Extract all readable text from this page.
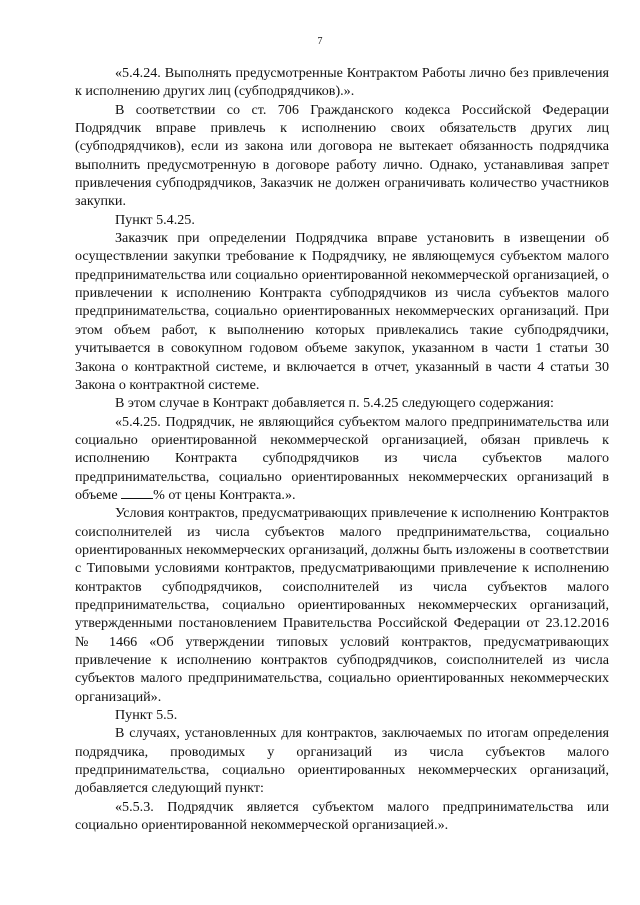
7

«5.4.24. Выполнять предусмотренные Контрактом Работы лично без привлечения к исполнению других лиц (субподрядчиков).».

В соответствии со ст. 706 Гражданского кодекса Российской Федерации Подрядчик вправе привлечь к исполнению своих обязательств других лиц (субподрядчиков), если из закона или договора не вытекает обязанность подрядчика выполнить предусмотренную в договоре работу лично. Однако, устанавливая запрет привлечения субподрядчиков, Заказчик не должен ограничивать количество участников закупки.

Пункт 5.4.25.

Заказчик при определении Подрядчика вправе установить в извещении об осуществлении закупки требование к Подрядчику, не являющемуся субъектом малого предпринимательства или социально ориентированной некоммерческой организацией, о привлечении к исполнению Контракта субподрядчиков из числа субъектов малого предпринимательства, социально ориентированных некоммерческих организаций. При этом объем работ, к выполнению которых привлекались такие субподрядчики, учитывается в совокупном годовом объеме закупок, указанном в части 1 статьи 30 Закона о контрактной системе, и включается в отчет, указанный в части 4 статьи 30 Закона о контрактной системе.

В этом случае в Контракт добавляется п. 5.4.25 следующего содержания:

«5.4.25. Подрядчик, не являющийся субъектом малого предпринимательства или социально ориентированной некоммерческой организацией, обязан привлечь к исполнению Контракта субподрядчиков из числа субъектов малого предпринимательства, социально ориентированных некоммерческих организаций в объеме % от цены Контракта.».

Условия контрактов, предусматривающих привлечение к исполнению Контрактов соисполнителей из числа субъектов малого предпринимательства, социально ориентированных некоммерческих организаций, должны быть изложены в соответствии с Типовыми условиями контрактов, предусматривающими привлечение к исполнению контрактов субподрядчиков, соисполнителей из числа субъектов малого предпринимательства, социально ориентированных некоммерческих организаций, утвержденными постановлением Правительства Российской Федерации от 23.12.2016 № 1466 «Об утверждении типовых условий контрактов, предусматривающих привлечение к исполнению контрактов субподрядчиков, соисполнителей из числа субъектов малого предпринимательства, социально ориентированных некоммерческих организаций».

Пункт 5.5.

В случаях, установленных для контрактов, заключаемых по итогам определения подрядчика, проводимых у организаций из числа субъектов малого предпринимательства, социально ориентированных некоммерческих организаций, добавляется следующий пункт:

«5.5.3. Подрядчик является субъектом малого предпринимательства или социально ориентированной некоммерческой организацией.».
